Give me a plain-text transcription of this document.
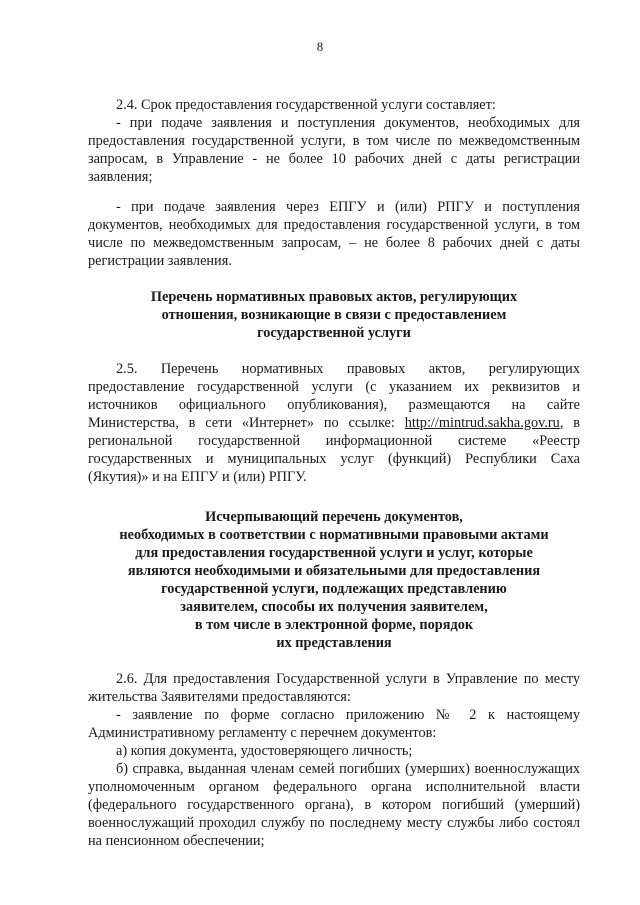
8

2.4. Срок предоставления государственной услуги составляет:

- при подаче заявления и поступления документов, необходимых для предоставления государственной услуги, в том числе по межведомственным запросам, в Управление - не более 10 рабочих дней с даты регистрации заявления;

- при подаче заявления через ЕПГУ и (или) РПГУ и поступления документов, необходимых для предоставления государственной услуги, в том числе по межведомственным запросам, – не более 8 рабочих дней с даты регистрации заявления.

Перечень нормативных правовых актов, регулирующих
отношения, возникающие в связи с предоставлением
государственной услуги

2.5. Перечень нормативных правовых актов, регулирующих предоставление государственной услуги (с указанием их реквизитов и источников официального опубликования), размещаются на сайте Министерства, в сети «Интернет» по ссылке: http://mintrud.sakha.gov.ru, в региональной государственной информационной системе «Реестр государственных и муниципальных услуг (функций) Республики Саха (Якутия)» и на ЕПГУ и (или) РПГУ.

Исчерпывающий перечень документов,
необходимых в соответствии с нормативными правовыми актами
для предоставления государственной услуги и услуг, которые
являются необходимыми и обязательными для предоставления
государственной услуги, подлежащих представлению
заявителем, способы их получения заявителем,
в том числе в электронной форме, порядок
их представления

2.6. Для предоставления Государственной услуги в Управление по месту жительства Заявителями предоставляются:

- заявление по форме согласно приложению № 2 к настоящему Административному регламенту с перечнем документов:

а) копия документа, удостоверяющего личность;

б) справка, выданная членам семей погибших (умерших) военнослужащих уполномоченным органом федерального органа исполнительной власти (федерального государственного органа), в котором погибший (умерший) военнослужащий проходил службу по последнему месту службы либо состоял на пенсионном обеспечении;
